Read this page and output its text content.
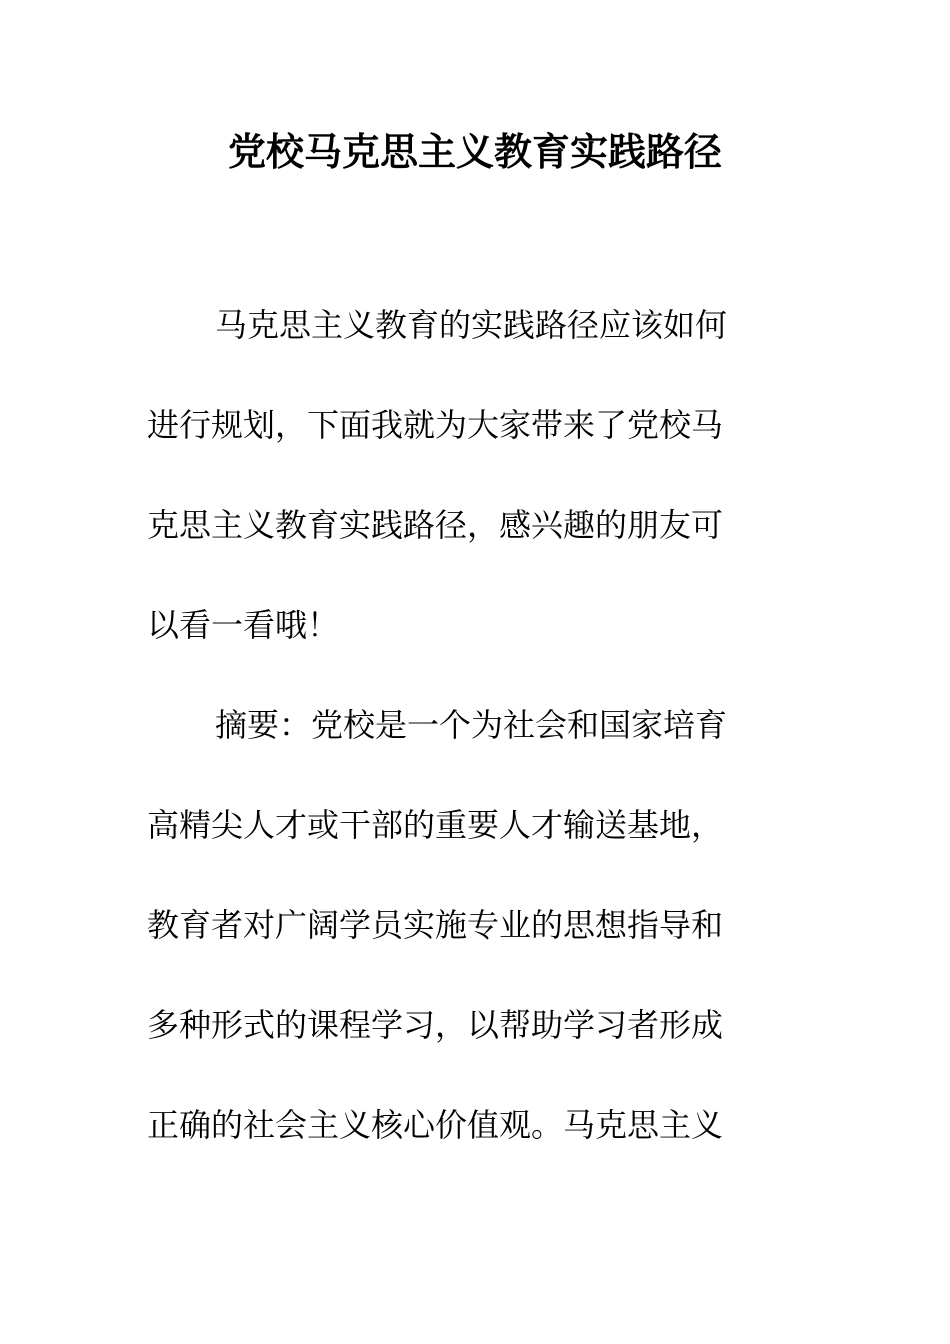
党校马克思主义教育实践路径
马克思主义教育的实践路径应该如何
进行规划，下面我就为大家带来了党校马
克思主义教育实践路径，感兴趣的朋友可
以看一看哦！
摘要：党校是一个为社会和国家培育
高精尖人才或干部的重要人才输送基地，
教育者对广阔学员实施专业的思想指导和
多种形式的课程学习，以帮助学习者形成
正确的社会主义核心价值观。马克思主义
